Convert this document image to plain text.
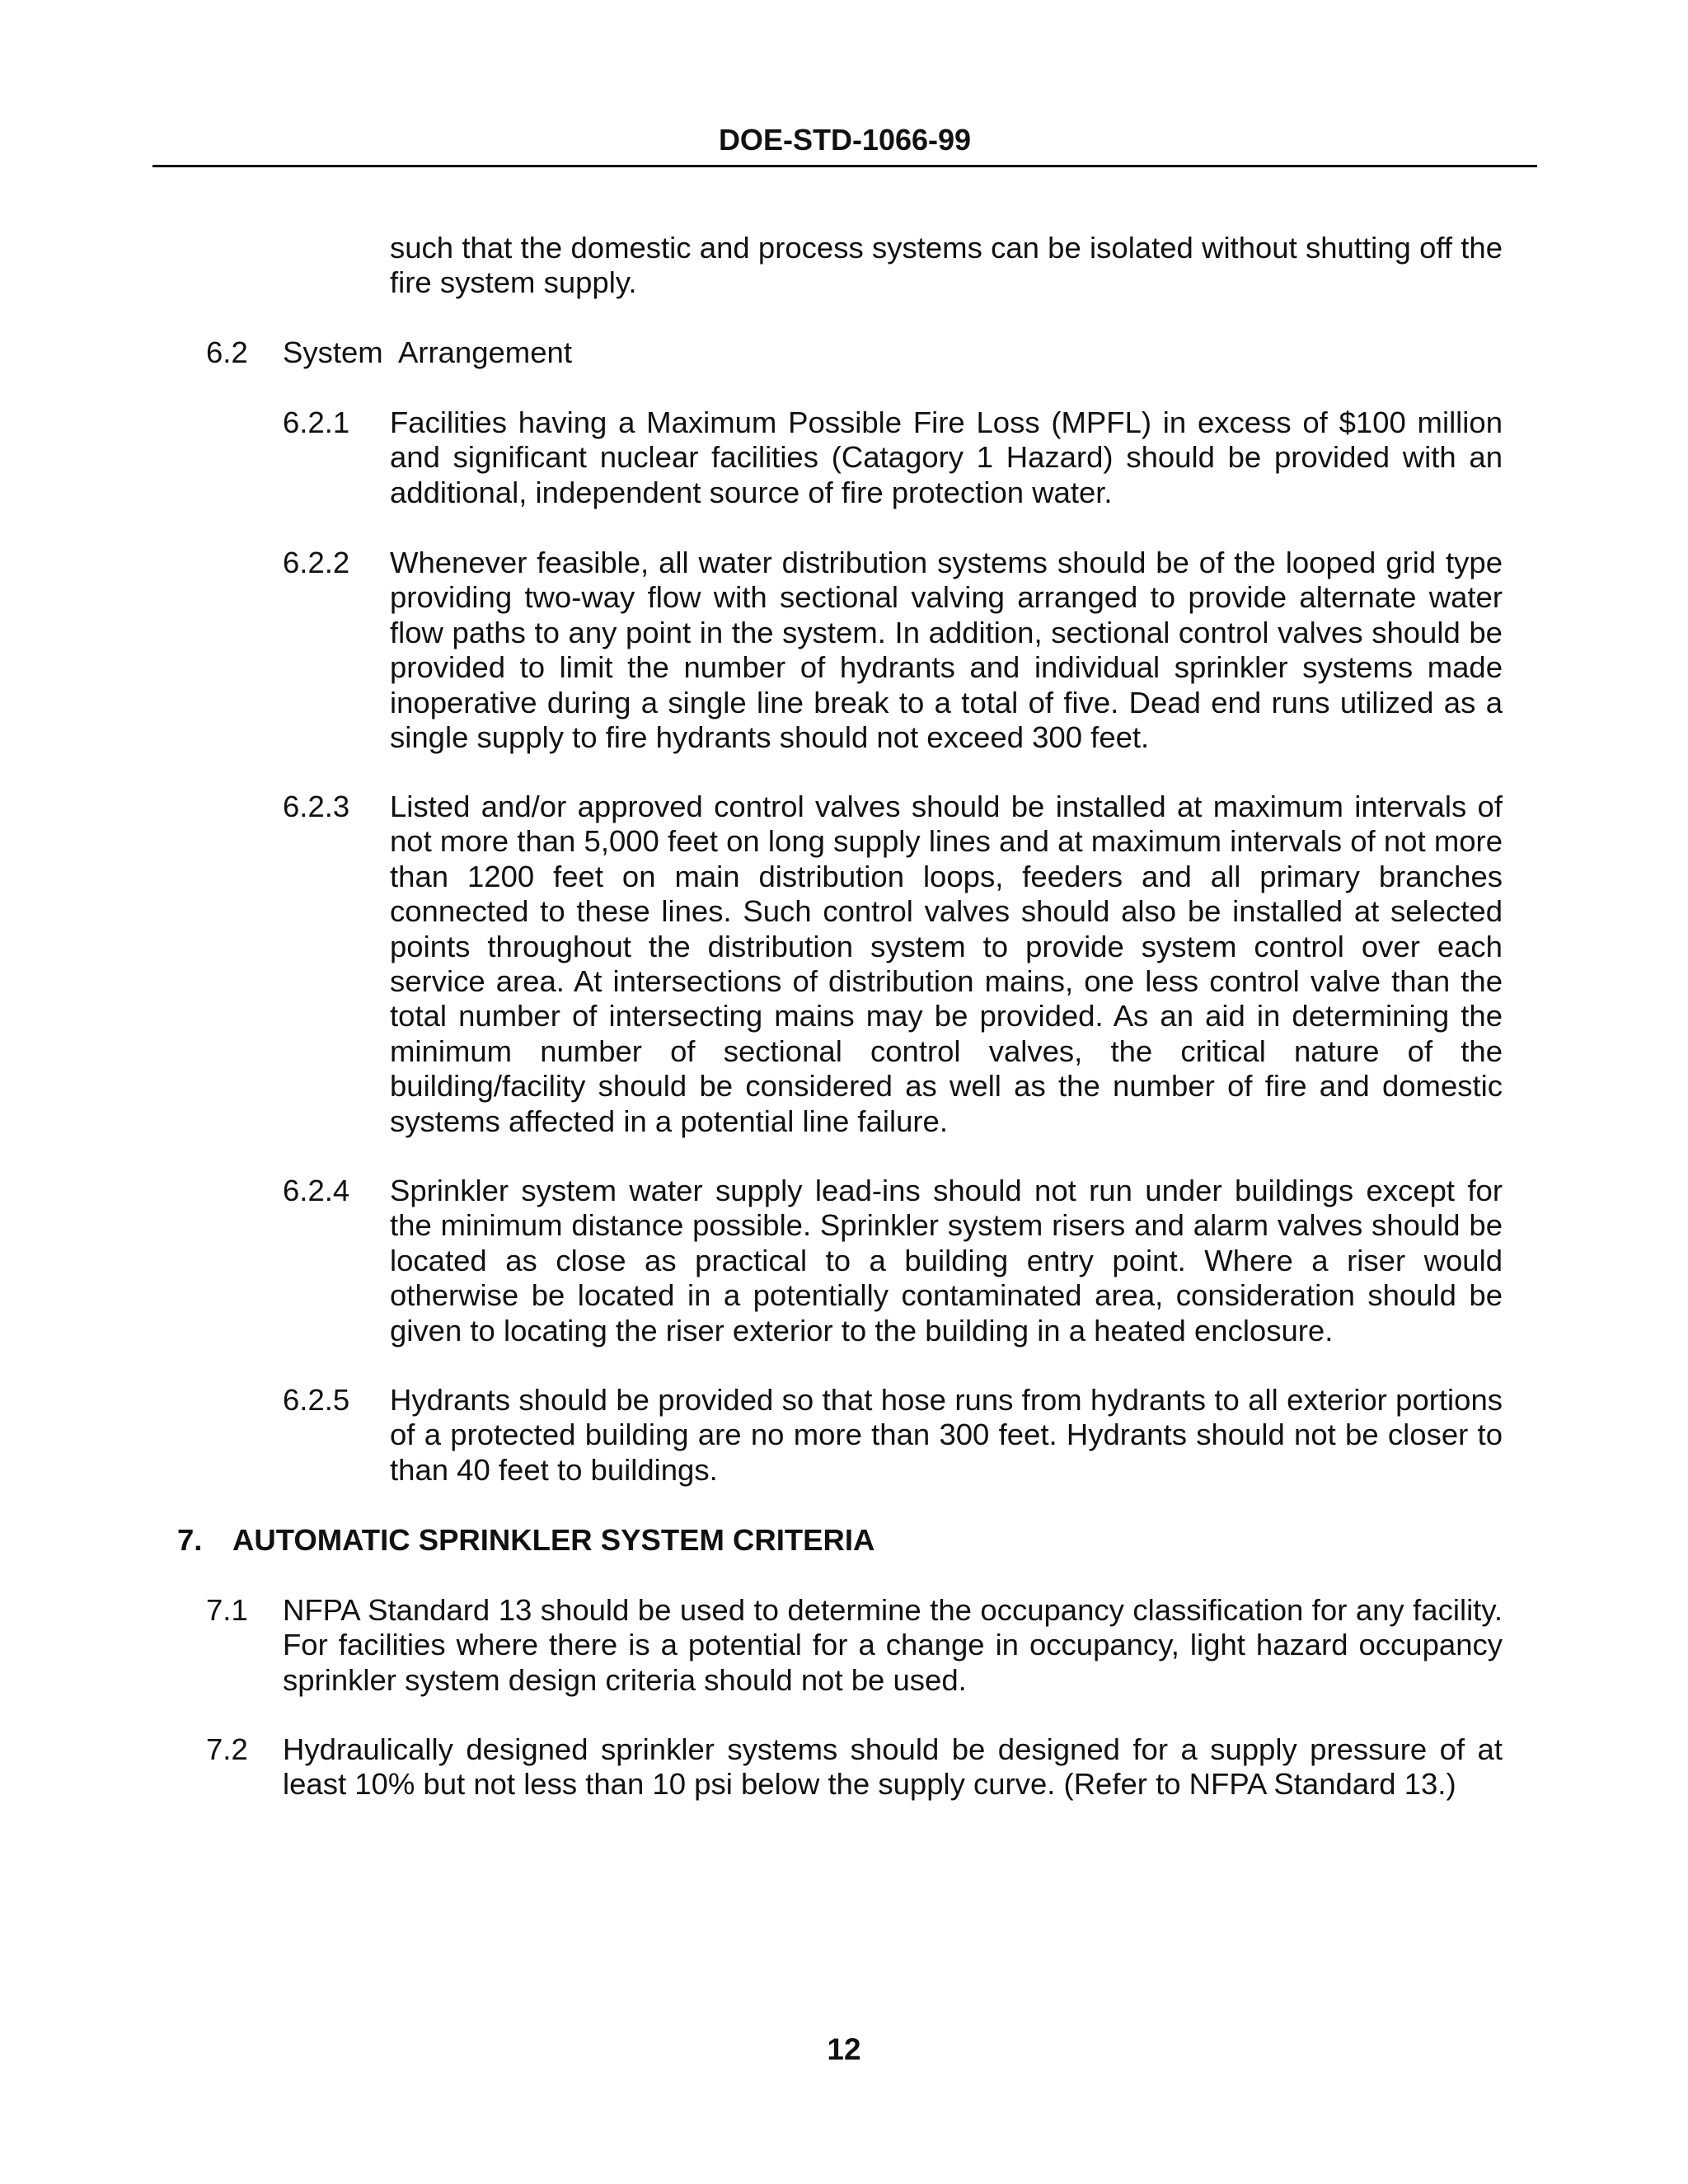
DOE-STD-1066-99
such that the domestic and process systems can be isolated without shutting off the fire system supply.
6.2 System  Arrangement
6.2.1 Facilities having a Maximum Possible Fire Loss (MPFL) in excess of $100 million and significant nuclear facilities (Catagory 1 Hazard) should be provided with an additional, independent source of fire protection water.
6.2.2 Whenever feasible, all water distribution systems should be of the looped grid type providing two-way flow with sectional valving arranged to provide alternate water flow paths to any point in the system. In addition, sectional control valves should be provided to limit the number of hydrants and individual sprinkler systems made inoperative during a single line break to a total of five. Dead end runs utilized as a single supply to fire hydrants should not exceed 300 feet.
6.2.3 Listed and/or approved control valves should be installed at maximum intervals of not more than 5,000 feet on long supply lines and at maximum intervals of not more than 1200 feet on main distribution loops, feeders and all primary branches connected to these lines. Such control valves should also be installed at selected points throughout the distribution system to provide system control over each service area. At intersections of distribution mains, one less control valve than the total number of intersecting mains may be provided. As an aid in determining the minimum number of sectional control valves, the critical nature of the building/facility should be considered as well as the number of fire and domestic systems affected in a potential line failure.
6.2.4 Sprinkler system water supply lead-ins should not run under buildings except for the minimum distance possible. Sprinkler system risers and alarm valves should be located as close as practical to a building entry point. Where a riser would otherwise be located in a potentially contaminated area, consideration should be given to locating the riser exterior to the building in a heated enclosure.
6.2.5 Hydrants should be provided so that hose runs from hydrants to all exterior portions of a protected building are no more than 300 feet. Hydrants should not be closer to than 40 feet to buildings.
7. AUTOMATIC SPRINKLER SYSTEM CRITERIA
7.1 NFPA Standard 13 should be used to determine the occupancy classification for any facility. For facilities where there is a potential for a change in occupancy, light hazard occupancy sprinkler system design criteria should not be used.
7.2 Hydraulically designed sprinkler systems should be designed for a supply pressure of at least 10% but not less than 10 psi below the supply curve. (Refer to NFPA Standard 13.)
12
